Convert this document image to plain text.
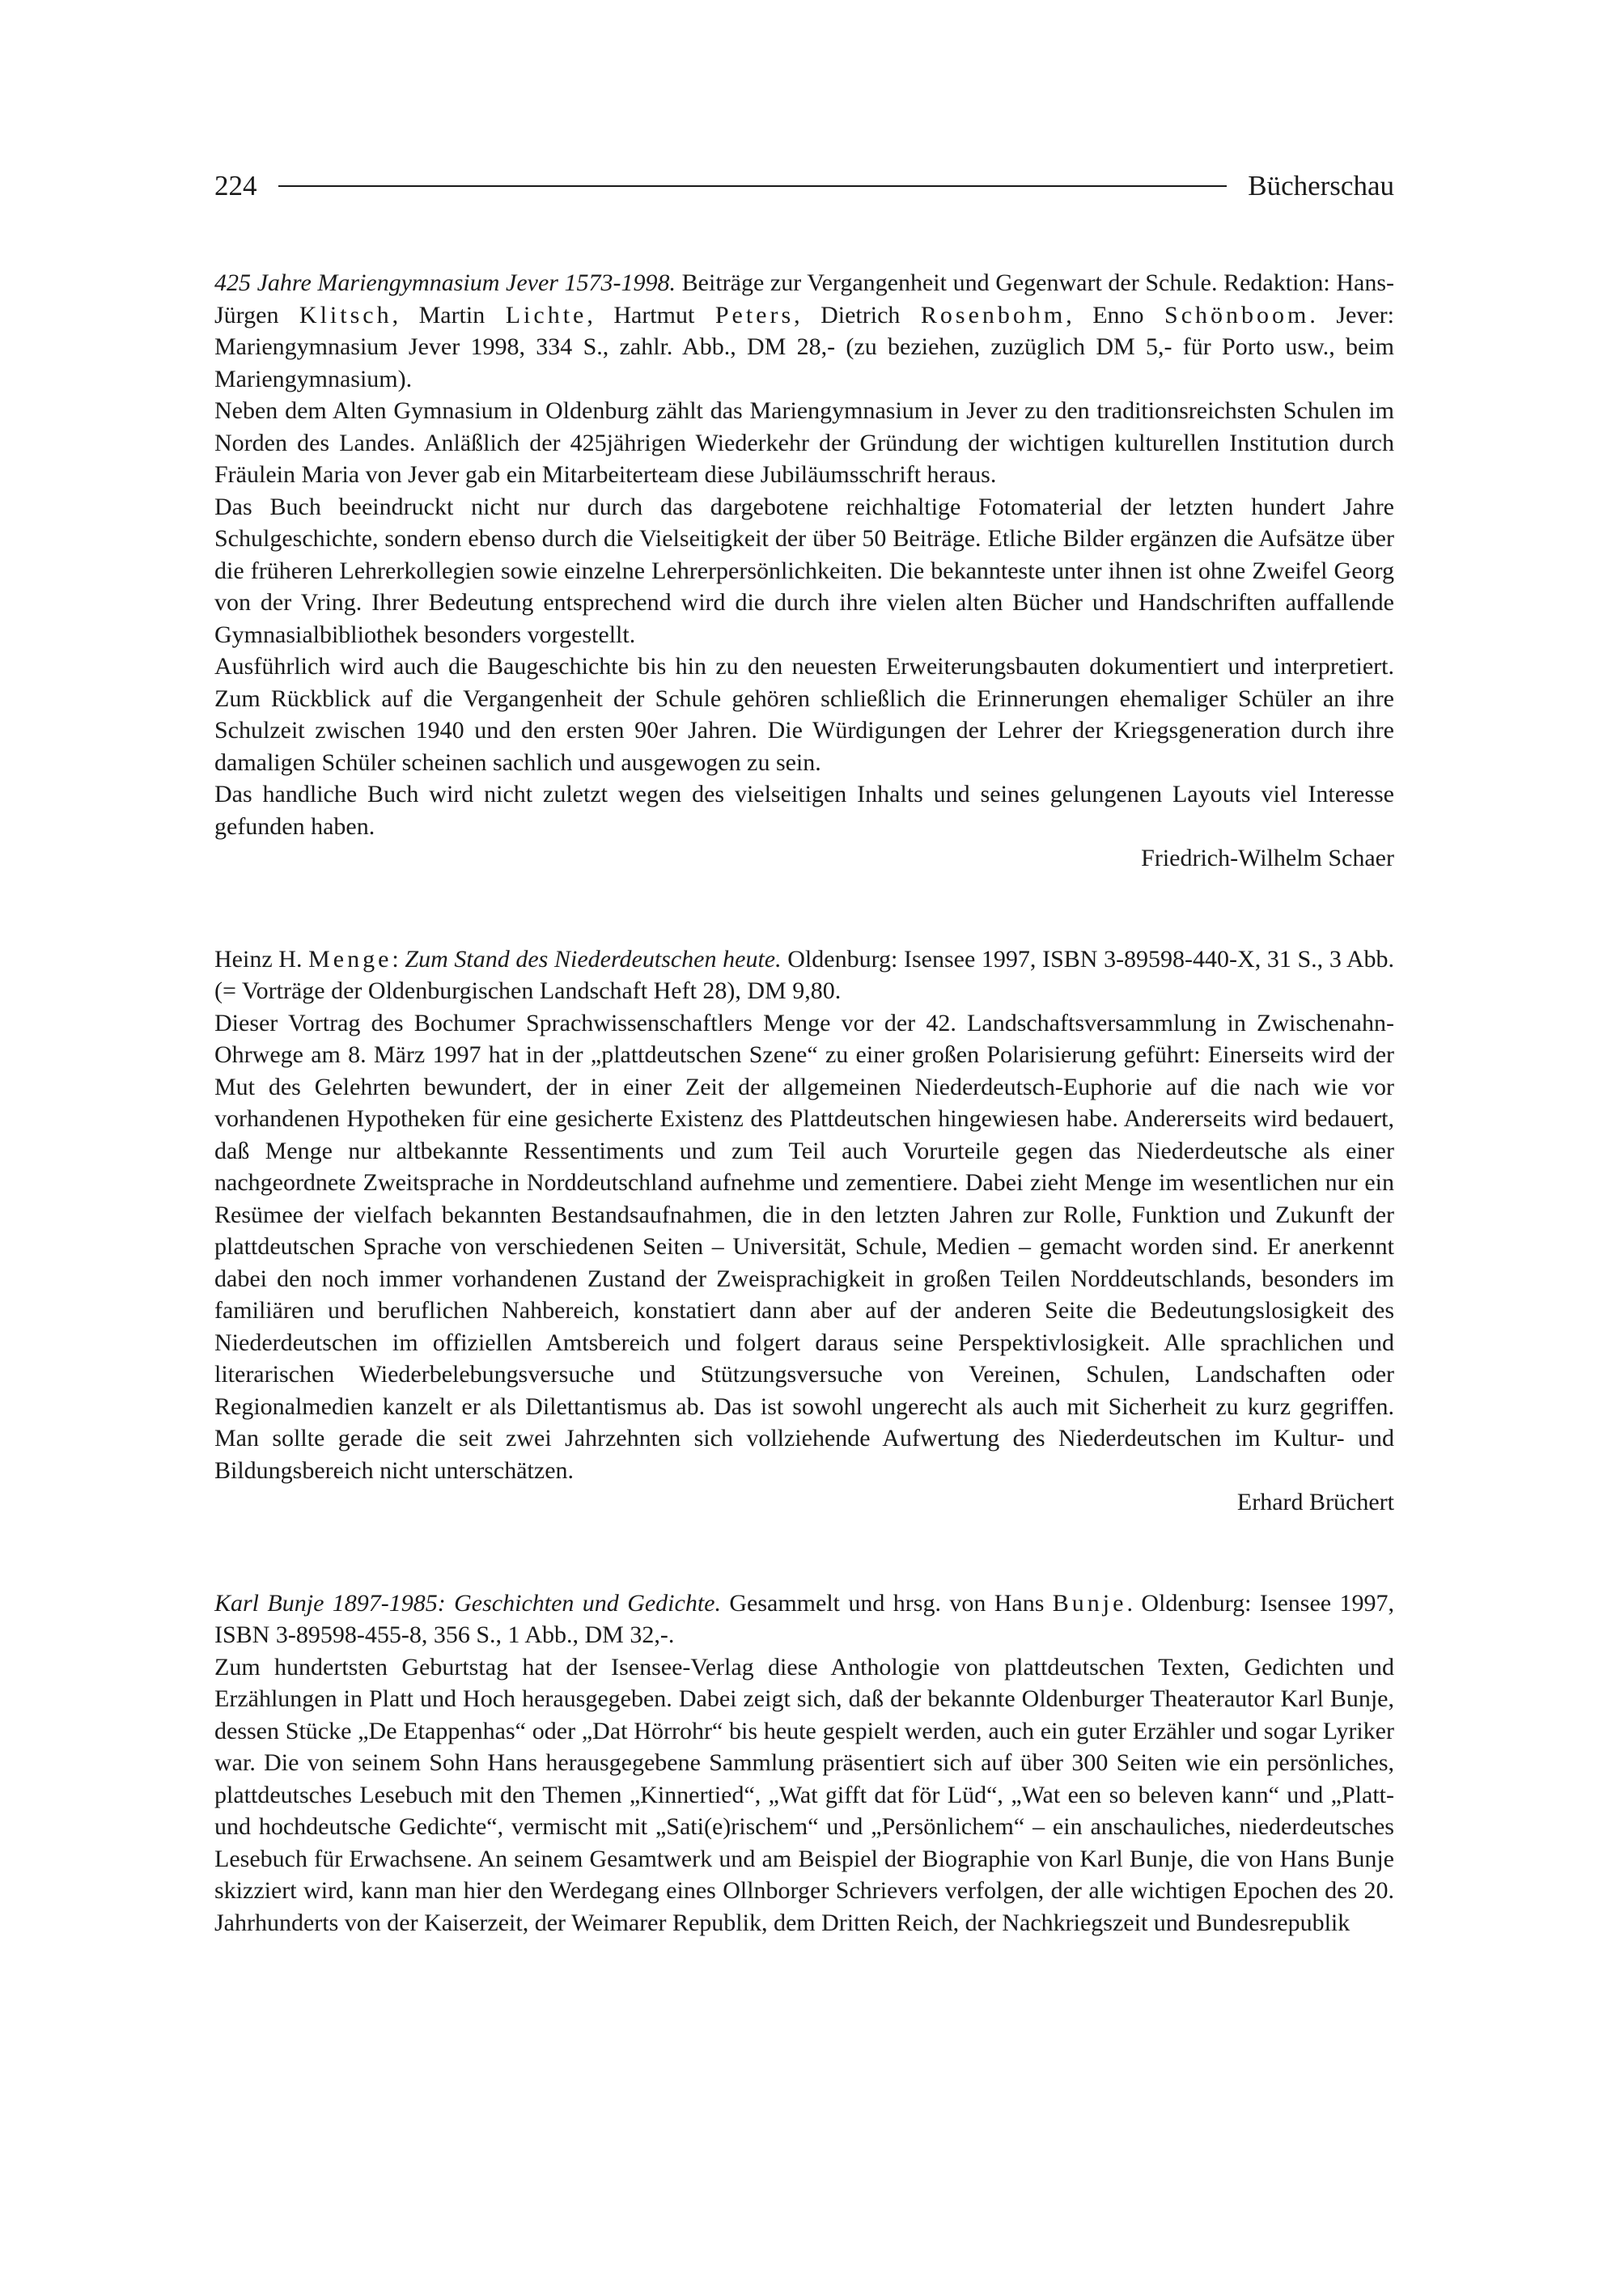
224	Bücherschau

425 Jahre Mariengymnasium Jever 1573-1998. Beiträge zur Vergangenheit und Gegenwart der Schule. Redaktion: Hans-Jürgen Klitsch, Martin Lichte, Hartmut Peters, Dietrich Rosenbohm, Enno Schönboom. Jever: Mariengymnasium Jever 1998, 334 S., zahlr. Abb., DM 28,- (zu beziehen, zuzüglich DM 5,- für Porto usw., beim Mariengymnasium).

Neben dem Alten Gymnasium in Oldenburg zählt das Mariengymnasium in Jever zu den traditionsreichsten Schulen im Norden des Landes. Anläßlich der 425jährigen Wiederkehr der Gründung der wichtigen kulturellen Institution durch Fräulein Maria von Jever gab ein Mitarbeiterteam diese Jubiläumsschrift heraus.

Das Buch beeindruckt nicht nur durch das dargebotene reichhaltige Fotomaterial der letzten hundert Jahre Schulgeschichte, sondern ebenso durch die Vielseitigkeit der über 50 Beiträge. Etliche Bilder ergänzen die Aufsätze über die früheren Lehrerkollegien sowie einzelne Lehrerpersönlichkeiten. Die bekannteste unter ihnen ist ohne Zweifel Georg von der Vring. Ihrer Bedeutung entsprechend wird die durch ihre vielen alten Bücher und Handschriften auffallende Gymnasialbibliothek besonders vorgestellt.

Ausführlich wird auch die Baugeschichte bis hin zu den neuesten Erweiterungsbauten dokumentiert und interpretiert. Zum Rückblick auf die Vergangenheit der Schule gehören schließlich die Erinnerungen ehemaliger Schüler an ihre Schulzeit zwischen 1940 und den ersten 90er Jahren. Die Würdigungen der Lehrer der Kriegsgeneration durch ihre damaligen Schüler scheinen sachlich und ausgewogen zu sein.

Das handliche Buch wird nicht zuletzt wegen des vielseitigen Inhalts und seines gelungenen Layouts viel Interesse gefunden haben.

Friedrich-Wilhelm Schaer

Heinz H. Menge: Zum Stand des Niederdeutschen heute. Oldenburg: Isensee 1997, ISBN 3-89598-440-X, 31 S., 3 Abb. (= Vorträge der Oldenburgischen Landschaft Heft 28), DM 9,80.

Dieser Vortrag des Bochumer Sprachwissenschaftlers Menge vor der 42. Landschaftsversammlung in Zwischenahn-Ohrwege am 8. März 1997 hat in der „plattdeutschen Szene“ zu einer großen Polarisierung geführt: Einerseits wird der Mut des Gelehrten bewundert, der in einer Zeit der allgemeinen Niederdeutsch-Euphorie auf die nach wie vor vorhandenen Hypotheken für eine gesicherte Existenz des Plattdeutschen hingewiesen habe. Andererseits wird bedauert, daß Menge nur altbekannte Ressentiments und zum Teil auch Vorurteile gegen das Niederdeutsche als einer nachgeordnete Zweitsprache in Norddeutschland aufnehme und zementiere. Dabei zieht Menge im wesentlichen nur ein Resümee der vielfach bekannten Bestandsaufnahmen, die in den letzten Jahren zur Rolle, Funktion und Zukunft der plattdeutschen Sprache von verschiedenen Seiten – Universität, Schule, Medien – gemacht worden sind. Er anerkennt dabei den noch immer vorhandenen Zustand der Zweisprachigkeit in großen Teilen Norddeutschlands, besonders im familiären und beruflichen Nahbereich, konstatiert dann aber auf der anderen Seite die Bedeutungslosigkeit des Niederdeutschen im offiziellen Amtsbereich und folgert daraus seine Perspektivlosigkeit. Alle sprachlichen und literarischen Wiederbelebungsversuche und Stützungsversuche von Vereinen, Schulen, Landschaften oder Regionalmedien kanzelt er als Dilettantismus ab. Das ist sowohl ungerecht als auch mit Sicherheit zu kurz gegriffen. Man sollte gerade die seit zwei Jahrzehnten sich vollziehende Aufwertung des Niederdeutschen im Kultur- und Bildungsbereich nicht unterschätzen.

Erhard Brüchert

Karl Bunje 1897-1985: Geschichten und Gedichte. Gesammelt und hrsg. von Hans Bunje. Oldenburg: Isensee 1997, ISBN 3-89598-455-8, 356 S., 1 Abb., DM 32,-.

Zum hundertsten Geburtstag hat der Isensee-Verlag diese Anthologie von plattdeutschen Texten, Gedichten und Erzählungen in Platt und Hoch herausgegeben. Dabei zeigt sich, daß der bekannte Oldenburger Theaterautor Karl Bunje, dessen Stücke „De Etappenhas“ oder „Dat Hörrohr“ bis heute gespielt werden, auch ein guter Erzähler und sogar Lyriker war. Die von seinem Sohn Hans herausgegebene Sammlung präsentiert sich auf über 300 Seiten wie ein persönliches, plattdeutsches Lesebuch mit den Themen „Kinnertied“, „Wat gifft dat för Lüd“, „Wat een so beleven kann“ und „Platt- und hochdeutsche Gedichte“, vermischt mit „Sati(e)rischem“ und „Persönlichem“ – ein anschauliches, niederdeutsches Lesebuch für Erwachsene. An seinem Gesamtwerk und am Beispiel der Biographie von Karl Bunje, die von Hans Bunje skizziert wird, kann man hier den Werdegang eines Ollnborger Schrievers verfolgen, der alle wichtigen Epochen des 20. Jahrhunderts von der Kaiserzeit, der Weimarer Republik, dem Dritten Reich, der Nachkriegszeit und Bundesrepublik
